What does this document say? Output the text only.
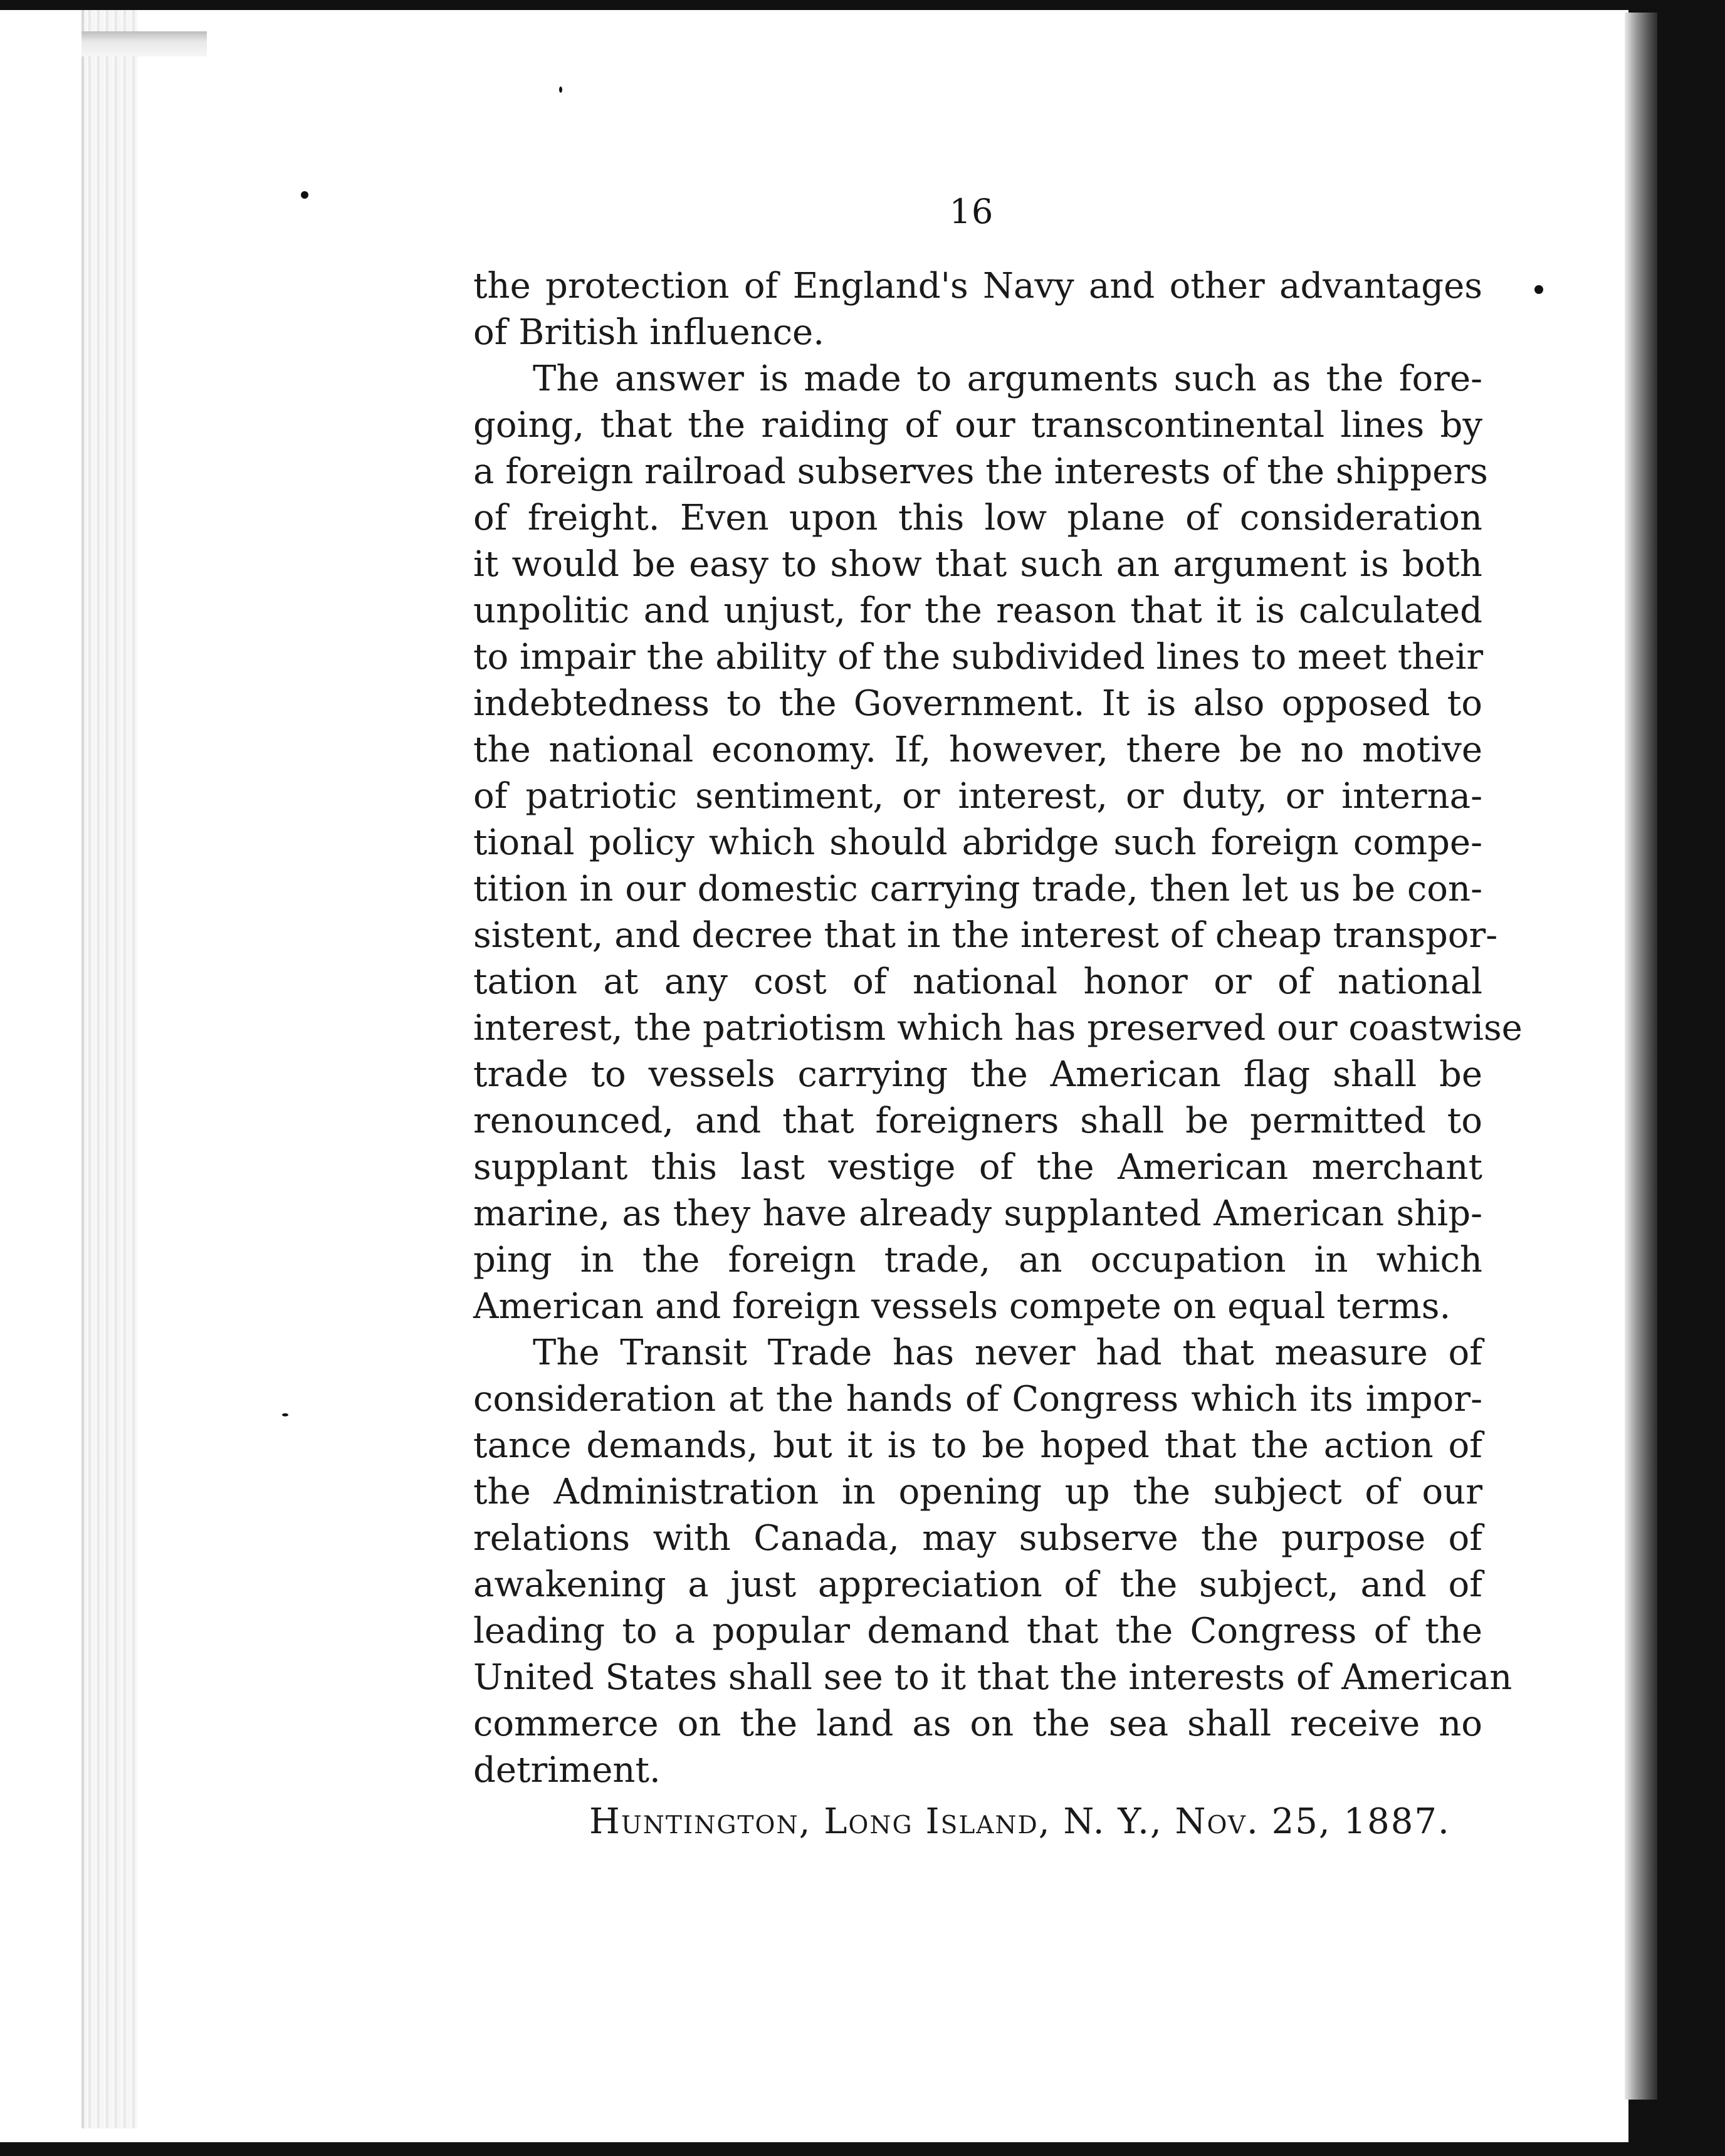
16
the protection of England's Navy and other advantages
of British influence.
The answer is made to arguments such as the fore-
going, that the raiding of our transcontinental lines by
a foreign railroad subserves the interests of the shippers
of freight. Even upon this low plane of consideration
it would be easy to show that such an argument is both
unpolitic and unjust, for the reason that it is calculated
to impair the ability of the subdivided lines to meet their
indebtedness to the Government. It is also opposed to
the national economy. If, however, there be no motive
of patriotic sentiment, or interest, or duty, or interna-
tional policy which should abridge such foreign compe-
tition in our domestic carrying trade, then let us be con-
sistent, and decree that in the interest of cheap transpor-
tation at any cost of national honor or of national
interest, the patriotism which has preserved our coastwise
trade to vessels carrying the American flag shall be
renounced, and that foreigners shall be permitted to
supplant this last vestige of the American merchant
marine, as they have already supplanted American ship-
ping in the foreign trade, an occupation in which
American and foreign vessels compete on equal terms.
The Transit Trade has never had that measure of
consideration at the hands of Congress which its impor-
tance demands, but it is to be hoped that the action of
the Administration in opening up the subject of our
relations with Canada, may subserve the purpose of
awakening a just appreciation of the subject, and of
leading to a popular demand that the Congress of the
United States shall see to it that the interests of American
commerce on the land as on the sea shall receive no
detriment.
Huntington, Long Island, N. Y., Nov. 25, 1887.
